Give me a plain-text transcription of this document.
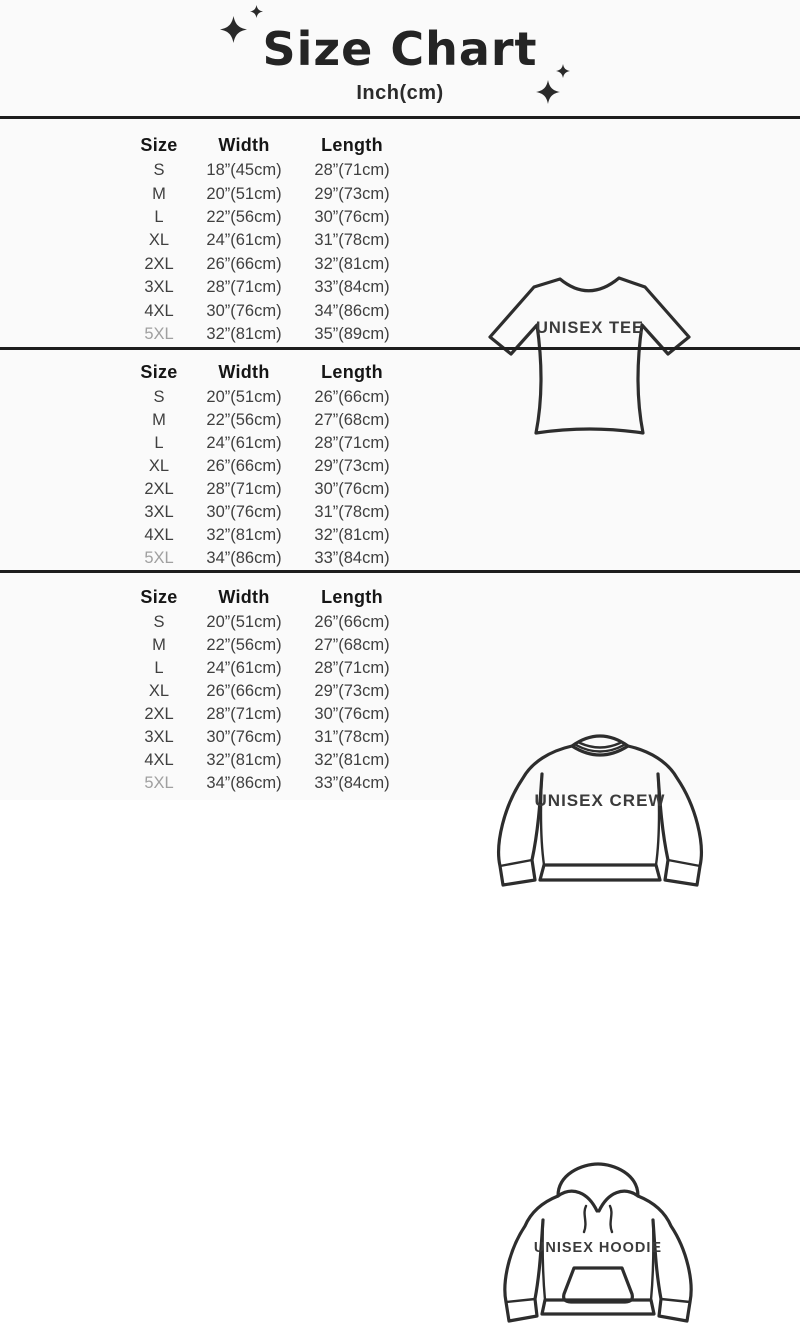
Size Chart
Inch(cm)
Size	Width	Length
S	18”(45cm)	28”(71cm)
M	20”(51cm)	29”(73cm)
L	22”(56cm)	30”(76cm)
XL	24”(61cm)	31”(78cm)
2XL	26”(66cm)	32”(81cm)
3XL	28”(71cm)	33”(84cm)
4XL	30”(76cm)	34”(86cm)
5XL	32”(81cm)	35”(89cm)	UNISEX TEE
Size	Width	Length
S	20”(51cm)	26”(66cm)
M	22”(56cm)	27”(68cm)
L	24”(61cm)	28”(71cm)
XL	26”(66cm)	29”(73cm)
2XL	28”(71cm)	30”(76cm)
3XL	30”(76cm)	31”(78cm)
4XL	32”(81cm)	32”(81cm)
5XL	34”(86cm)	33”(84cm)
UNISEX CREW
Size	Width	Length
S	20”(51cm)	26”(66cm)
M	22”(56cm)	27”(68cm)
L	24”(61cm)	28”(71cm)
XL	26”(66cm)	29”(73cm)
2XL	28”(71cm)	30”(76cm)
3XL	30”(76cm)	31”(78cm)
4XL	32”(81cm)	32”(81cm)
5XL	34”(86cm)	33”(84cm)
UNISEX HOODIE
